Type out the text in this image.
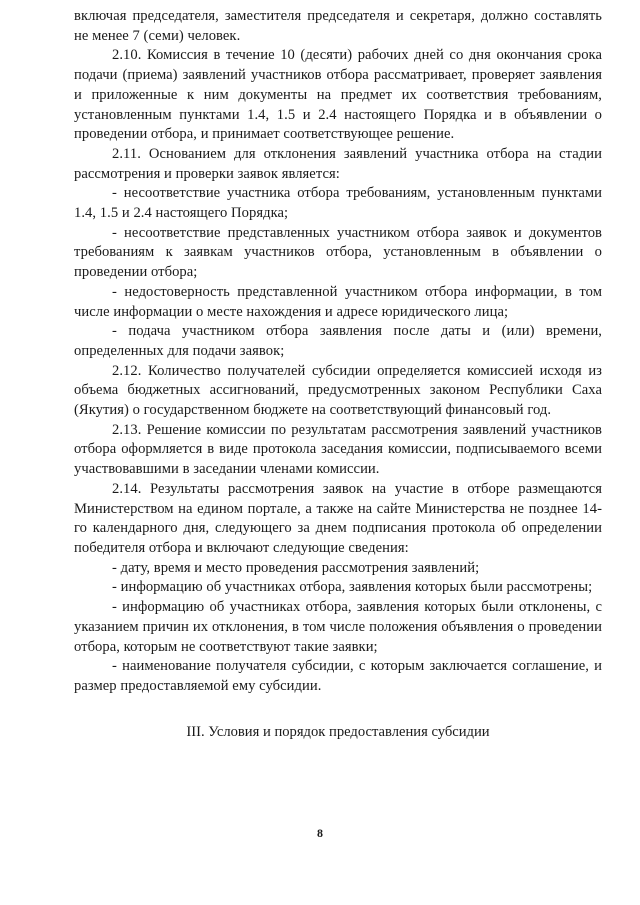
включая председателя, заместителя председателя и секретаря, должно составлять не менее 7 (семи) человек.

2.10. Комиссия в течение 10 (десяти) рабочих дней со дня окончания срока подачи (приема) заявлений участников отбора рассматривает, проверяет заявления и приложенные к ним документы на предмет их соответствия требованиям, установленным пунктами 1.4, 1.5 и 2.4 настоящего Порядка и в объявлении о проведении отбора, и принимает соответствующее решение.

2.11. Основанием для отклонения заявлений участника отбора на стадии рассмотрения и проверки заявок является:

- несоответствие участника отбора требованиям, установленным пунктами 1.4, 1.5 и 2.4 настоящего Порядка;

- несоответствие представленных участником отбора заявок и документов требованиям к заявкам участников отбора, установленным в объявлении о проведении отбора;

- недостоверность представленной участником отбора информации, в том числе информации о месте нахождения и адресе юридического лица;

- подача участником отбора заявления после даты и (или) времени, определенных для подачи заявок;

2.12. Количество получателей субсидии определяется комиссией исходя из объема бюджетных ассигнований, предусмотренных законом Республики Саха (Якутия) о государственном бюджете на соответствующий финансовый год.

2.13. Решение комиссии по результатам рассмотрения заявлений участников отбора оформляется в виде протокола заседания комиссии, подписываемого всеми участвовавшими в заседании членами комиссии.

2.14. Результаты рассмотрения заявок на участие в отборе размещаются Министерством на едином портале, а также на сайте Министерства не позднее 14-го календарного дня, следующего за днем подписания протокола об определении победителя отбора и включают следующие сведения:

- дату, время и место проведения рассмотрения заявлений;

- информацию об участниках отбора, заявления которых были рассмотрены;

- информацию об участниках отбора, заявления которых были отклонены, с указанием причин их отклонения, в том числе положения объявления о проведении отбора, которым не соответствуют такие заявки;

- наименование получателя субсидии, с которым заключается соглашение, и размер предоставляемой ему субсидии.

III. Условия и порядок предоставления субсидии
8
